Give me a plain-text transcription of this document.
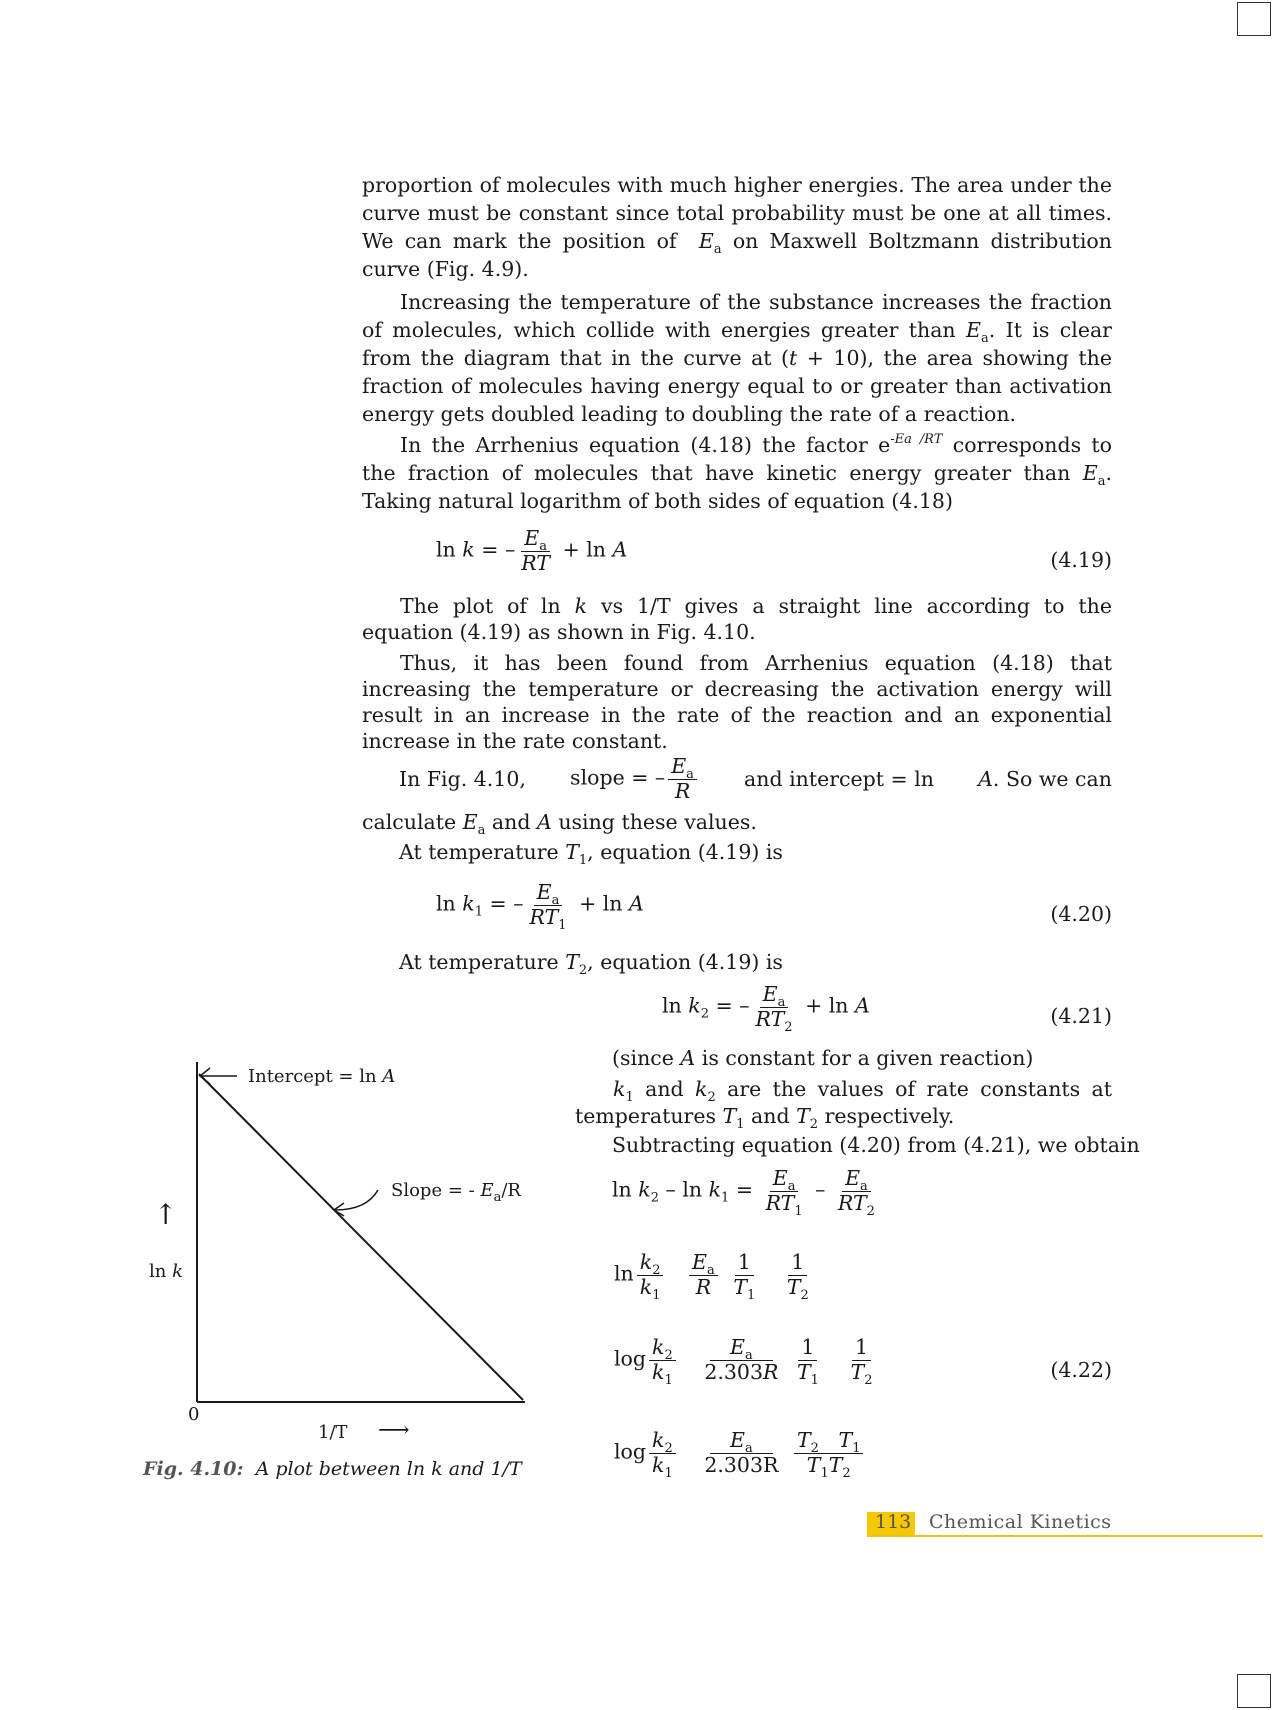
proportion of molecules with much higher energies. The area under the curve must be constant since total probability must be one at all times. We can mark the position of $E_a$ on Maxwell Boltzmann distribution curve (Fig. 4.9).

Increasing the temperature of the substance increases the fraction of molecules, which collide with energies greater than $E_a$. It is clear from the diagram that in the curve at (t + 10), the area showing the fraction of molecules having energy equal to or greater than activation energy gets doubled leading to doubling the rate of a reaction.

In the Arrhenius equation (4.18) the factor $e^{-Ea /RT}$ corresponds to the fraction of molecules that have kinetic energy greater than $E_a$. Taking natural logarithm of both sides of equation (4.18)

ln k = – $\frac{E_a}{RT} + \ln A$	(4.19)

The plot of ln k vs 1/T gives a straight line according to the equation (4.19) as shown in Fig. 4.10.

Thus, it has been found from Arrhenius equation (4.18) that increasing the temperature or decreasing the activation energy will result in an increase in the rate of the reaction and an exponential increase in the rate constant.

In Fig. 4.10, slope = – $\frac{E_a}{R}$ and intercept = ln A. So we can
calculate $E_a$ and A using these values.
At temperature $T_1$, equation (4.19) is
$\ln k_1$ = – $\frac{E_a}{RT_1} + \ln A$	(4.20)
At temperature $T_2$, equation (4.19) is
$\ln k_2$ = – $\frac{E_a}{RT_2} + \ln A$	(4.21)
(since A is constant for a given reaction)
$k_1$ and $k_2$ are the values of rate constants at temperatures $T_1$ and $T_2$ respectively.
Subtracting equation (4.20) from (4.21), we obtain
$\ln k_2 - \ln k_1 = \frac{E_a}{RT_1} - \frac{E_a}{RT_2}$
$\ln \frac{k_2}{k_1}$
$\frac{E_a}{R}$
$\frac{1}{T_1}$
$\frac{1}{T_2}$
$\log \frac{k_2}{k_1}$
$\frac{E_a}{2.303R}$
$\frac{1}{T_1}$
$\frac{1}{T_2}$	(4.22)
$\log \frac{k_2}{k_1}$
$\frac{E_a}{2.303R}$
$\frac{T_2 T_1}{T_1T_2}$
Intercept = ln A
Slope = - $E_a/R$
↑
ln k
0
1/T ⟶
Fig. 4.10: A plot between ln k and 1/T
113 Chemical Kinetics
